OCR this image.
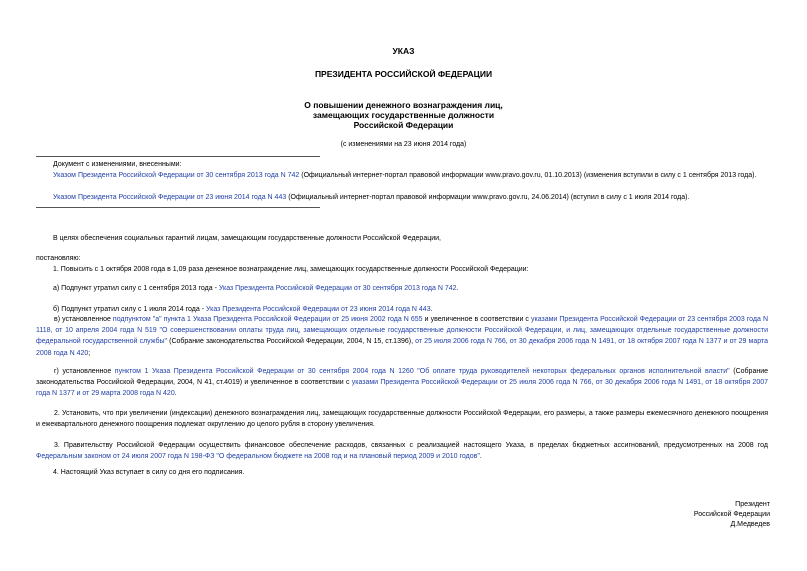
УКАЗ
ПРЕЗИДЕНТА РОССИЙСКОЙ ФЕДЕРАЦИИ
О повышении денежного вознаграждения лиц,
замещающих государственные должности
Российской Федерации
(с изменениями на 23 июня 2014 года)
Документ с изменениями, внесенными:
Указом Президента Российской Федерации от 30 сентября 2013 года N 742 (Официальный интернет-портал правовой информации www.pravo.gov.ru, 01.10.2013) (изменения вступили в силу с 1 сентября 2013 года).
Указом Президента Российской Федерации от 23 июня 2014 года N 443 (Официальный интернет-портал правовой информации www.pravo.gov.ru, 24.06.2014) (вступил в силу с 1 июля 2014 года).
В целях обеспечения социальных гарантий лицам, замещающим государственные должности Российской Федерации,
постановляю:
1. Повысить с 1 октября 2008 года в 1,09 раза денежное вознаграждение лиц, замещающих государственные должности Российской Федерации:
а) Подпункт утратил силу с 1 сентября 2013 года - Указ Президента Российской Федерации от 30 сентября 2013 года N 742.
б) Подпункт утратил силу с 1 июля 2014 года - Указ Президента Российской Федерации от 23 июня 2014 года N 443.
в) установленное подпунктом "а" пункта 1 Указа Президента Российской Федерации от 25 июня 2002 года N 655 и увеличенное в соответствии с указами Президента Российской Федерации от 23 сентября 2003 года N 1118, от 10 апреля 2004 года N 519 "О совершенствовании оплаты труда лиц, замещающих отдельные государственные должности Российской Федерации, и лиц, замещающих отдельные государственные должности федеральной государственной службы" (Собрание законодательства Российской Федерации, 2004, N 15, ст.1396), от 25 июля 2006 года N 766, от 30 декабря 2006 года N 1491, от 18 октября 2007 года N 1377 и от 29 марта 2008 года N 420;
г) установленное пунктом 1 Указа Президента Российской Федерации от 30 сентября 2004 года N 1260 "Об оплате труда руководителей некоторых федеральных органов исполнительной власти" (Собрание законодательства Российской Федерации, 2004, N 41, ст.4019) и увеличенное в соответствии с указами Президента Российской Федерации от 25 июля 2006 года N 766, от 30 декабря 2006 года N 1491, от 18 октября 2007 года N 1377 и от 29 марта 2008 года N 420.
2. Установить, что при увеличении (индексации) денежного вознаграждения лиц, замещающих государственные должности Российской Федерации, его размеры, а также размеры ежемесячного денежного поощрения и ежеквартального денежного поощрения подлежат округлению до целого рубля в сторону увеличения.
3. Правительству Российской Федерации осуществить финансовое обеспечение расходов, связанных с реализацией настоящего Указа, в пределах бюджетных ассигнований, предусмотренных на 2008 год Федеральным законом от 24 июля 2007 года N 198-ФЗ "О федеральном бюджете на 2008 год и на плановый период 2009 и 2010 годов".
4. Настоящий Указ вступает в силу со дня его подписания.
Президент
Российской Федерации
Д.Медведев
